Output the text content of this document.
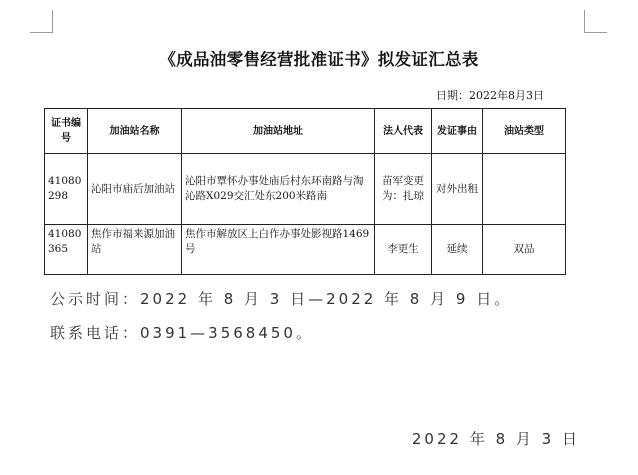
《成品油零售经营批准证书》拟发证汇总表
日期：2022年8月3日
证书编号	加油站名称	加油站地址	法人代表	发证事由	油站类型
41080298	沁阳市庙后加油站	沁阳市覃怀办事处庙后村东环南路与淘沁路X029交汇处东200米路南	苗军变更为：扎琼	对外出租	
41080365	焦作市福来源加油站	焦作市解放区上白作办事处影视路1469号	李更生	延续	双品
公示时间：2022 年 8 月 3 日—2022 年 8 月 9 日。
联系电话：0391—3568450。
2022 年 8 月 3 日
